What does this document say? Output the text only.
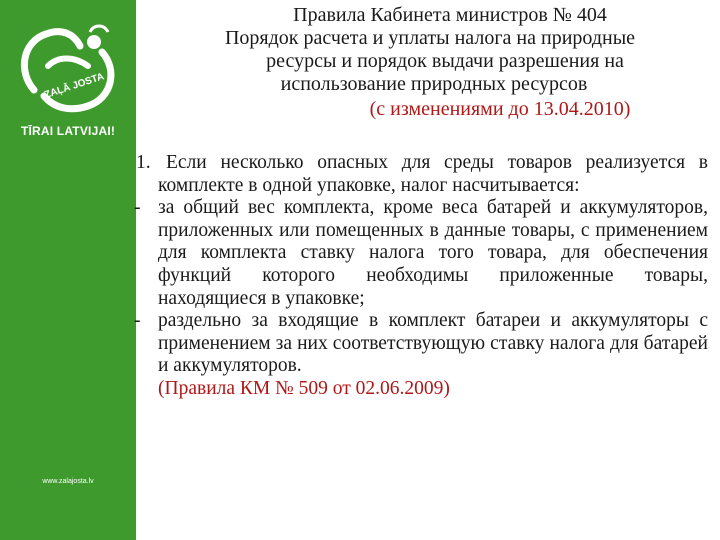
ZAĻĀ JOSTA
TĪRAI LATVIJAI!
www.zalajosta.lv
Правила Кабинета министров № 404
Порядок расчета и уплаты налога на природные
ресурсы и порядок выдачи разрешения на
использование природных ресурсов
(с изменениями до 13.04.2010)

1. Если несколько опасных для среды товаров реализуется в комплекте в одной упаковке, налог насчитывается:

- за общий вес комплекта, кроме веса батарей и аккумуляторов, приложенных или помещенных в данные товары, с применением для комплекта ставку налога того товара, для обеспечения функций которого необходимы приложенные товары, находящиеся в упаковке;

- раздельно за входящие в комплект батареи и аккумуляторы с применением за них соответствующую ставку налога для батарей и аккумуляторов.

(Правила КМ № 509 от 02.06.2009)
